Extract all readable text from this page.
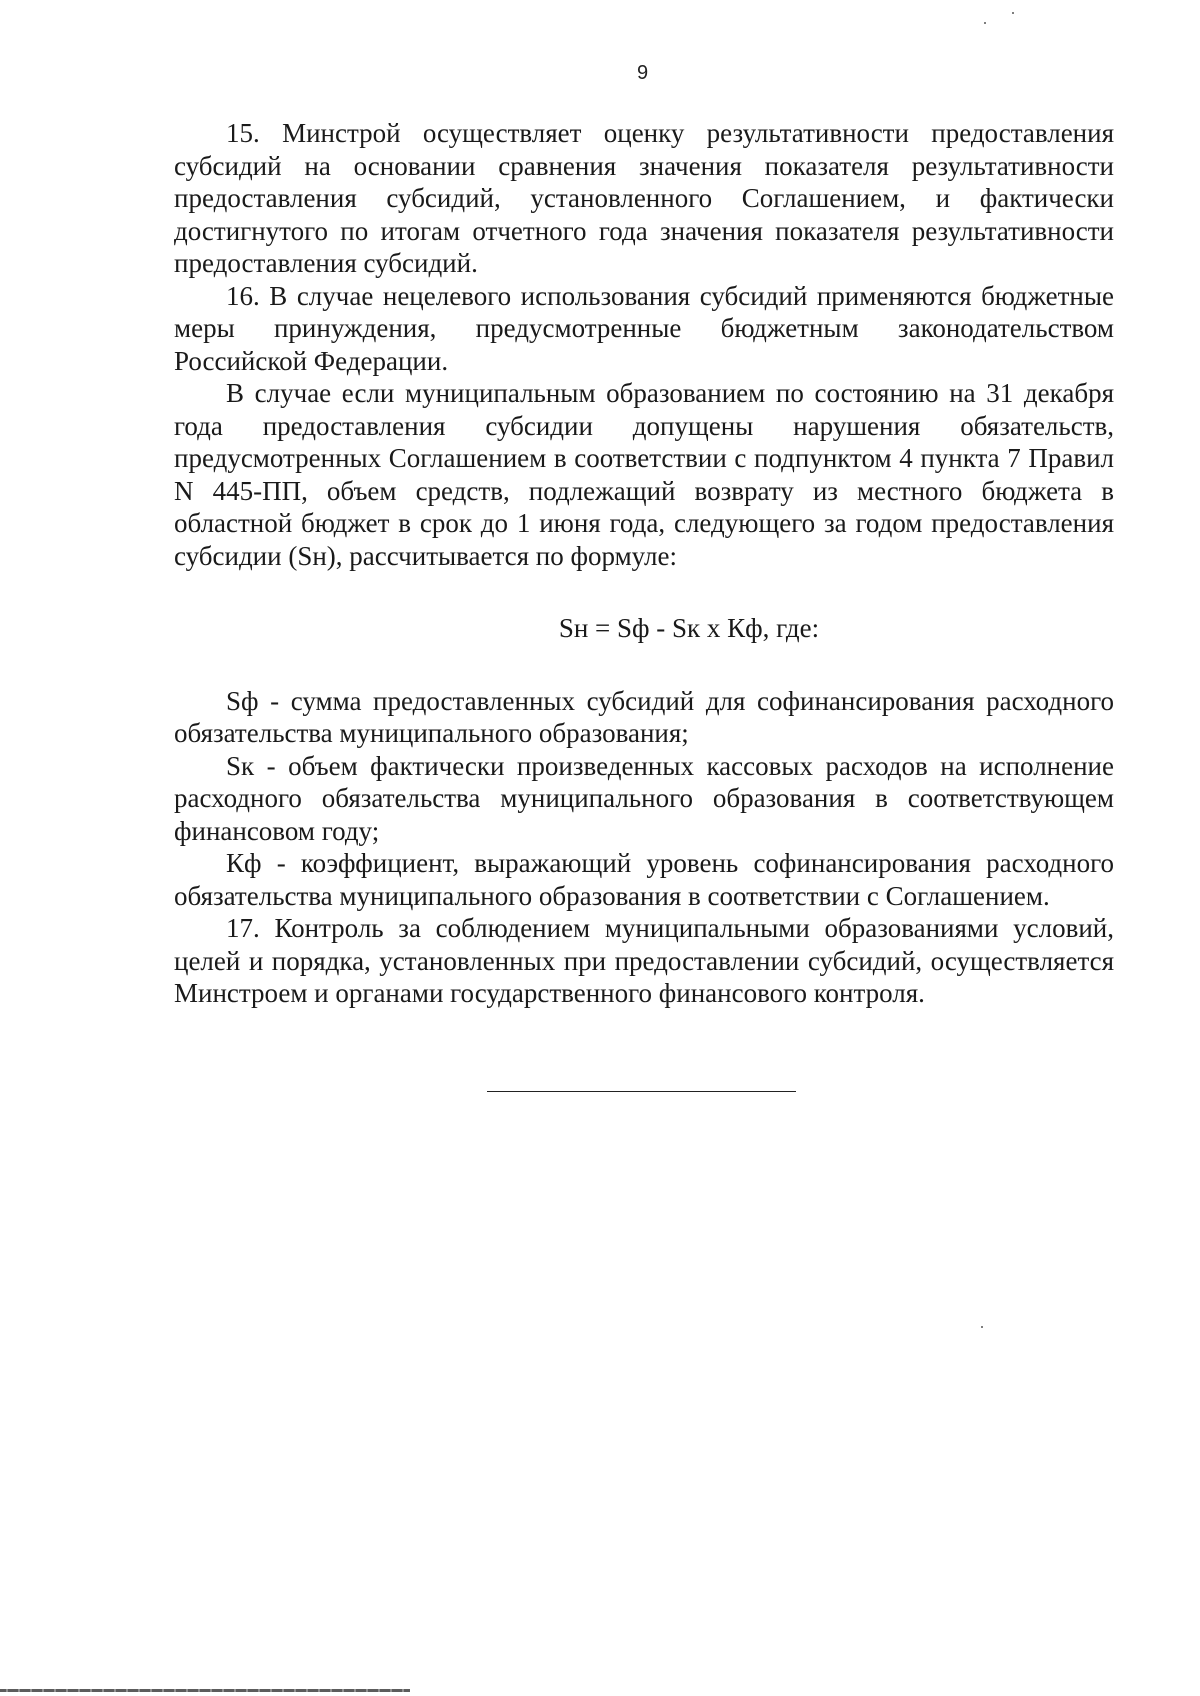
9

15. Минстрой осуществляет оценку результативности предоставления субсидий на основании сравнения значения показателя результативности предоставления субсидий, установленного Соглашением, и фактически достигнутого по итогам отчетного года значения показателя результативности предоставления субсидий.

16. В случае нецелевого использования субсидий применяются бюджетные меры принуждения, предусмотренные бюджетным законодательством Российской Федерации.

В случае если муниципальным образованием по состоянию на 31 декабря года предоставления субсидии допущены нарушения обязательств, предусмотренных Соглашением в соответствии с подпунктом 4 пункта 7 Правил N 445-ПП, объем средств, подлежащий возврату из местного бюджета в областной бюджет в срок до 1 июня года, следующего за годом предоставления субсидии (Sн), рассчитывается по формуле:

Sн = Sф - Sк х Кф, где:

Sф - сумма предоставленных субсидий для софинансирования расходного обязательства муниципального образования;

Sк - объем фактически произведенных кассовых расходов на исполнение расходного обязательства муниципального образования в соответствующем финансовом году;

Кф - коэффициент, выражающий уровень софинансирования расходного обязательства муниципального образования в соответствии с Соглашением.

17. Контроль за соблюдением муниципальными образованиями условий, целей и порядка, установленных при предоставлении субсидий, осуществляется Минстроем и органами государственного финансового контроля.
